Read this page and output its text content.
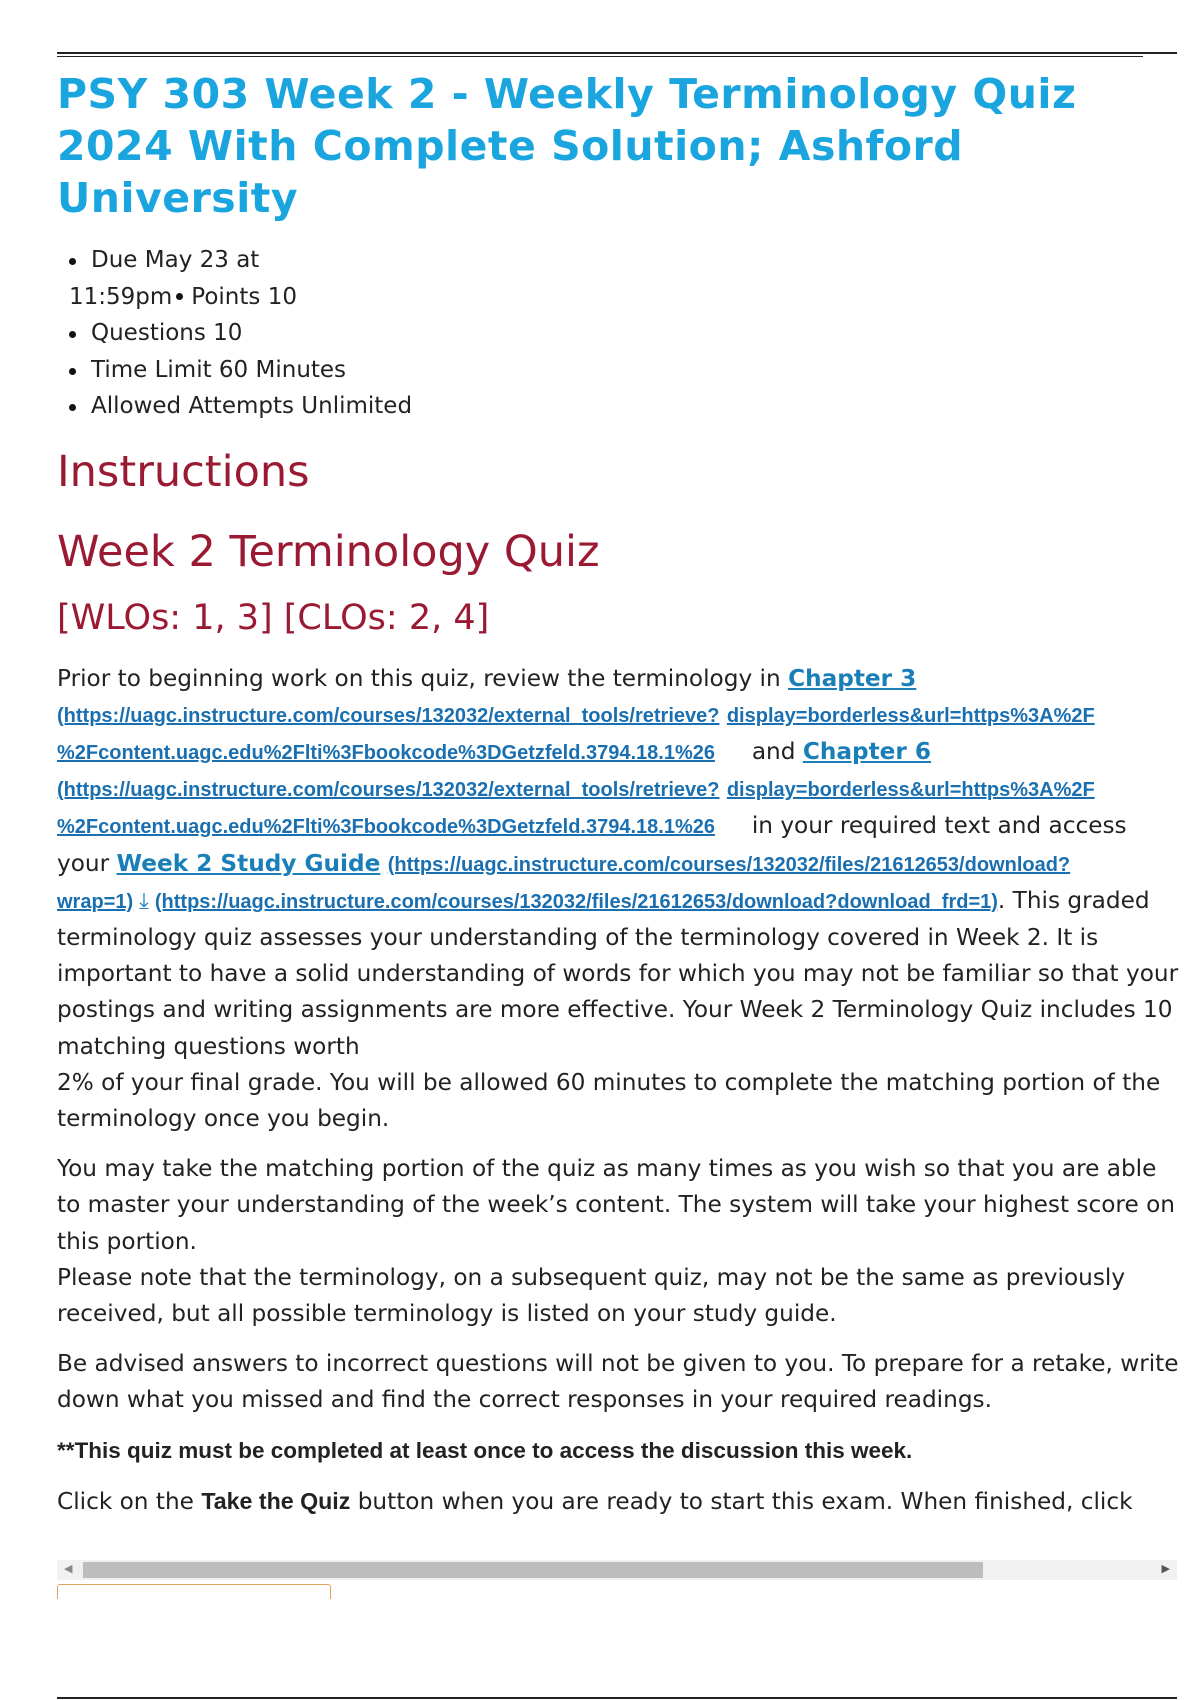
PSY 303 Week 2 - Weekly Terminology Quiz 2024 With Complete Solution; Ashford University
Due May 23 at
11:59pm Points 10
Questions 10
Time Limit 60 Minutes
Allowed Attempts Unlimited
Instructions
Week 2 Terminology Quiz
[WLOs: 1, 3] [CLOs: 2, 4]

Prior to beginning work on this quiz, review the terminology in Chapter 3
(https://uagc.instructure.com/courses/132032/external_tools/retrieve? display=borderless&url=https%3A%2F
%2Fcontent.uagc.edu%2Flti%3Fbookcode%3DGetzfeld.3794.18.1%26     and Chapter 6
(https://uagc.instructure.com/courses/132032/external_tools/retrieve? display=borderless&url=https%3A%2F
%2Fcontent.uagc.edu%2Flti%3Fbookcode%3DGetzfeld.3794.18.1%26     in your required text and access your Week 2 Study Guide (https://uagc.instructure.com/courses/132032/files/21612653/download?
wrap=1) ⤓ (https://uagc.instructure.com/courses/132032/files/21612653/download?download_frd=1). This graded terminology quiz assesses your understanding of the terminology covered in Week 2. It is important to have a solid understanding of words for which you may not be familiar so that your postings and writing assignments are more effective. Your Week 2 Terminology Quiz includes 10 matching questions worth
2% of your final grade. You will be allowed 60 minutes to complete the matching portion of the terminology once you begin.

You may take the matching portion of the quiz as many times as you wish so that you are able to master your understanding of the week’s content. The system will take your highest score on this portion.

Please note that the terminology, on a subsequent quiz, may not be the same as previously received, but all possible terminology is listed on your study guide.

Be advised answers to incorrect questions will not be given to you. To prepare for a retake, write down what you missed and find the correct responses in your required readings.

**This quiz must be completed at least once to access the discussion this week.

Click on the Take the Quiz button when you are ready to start this exam. When finished, click

◀	▶
